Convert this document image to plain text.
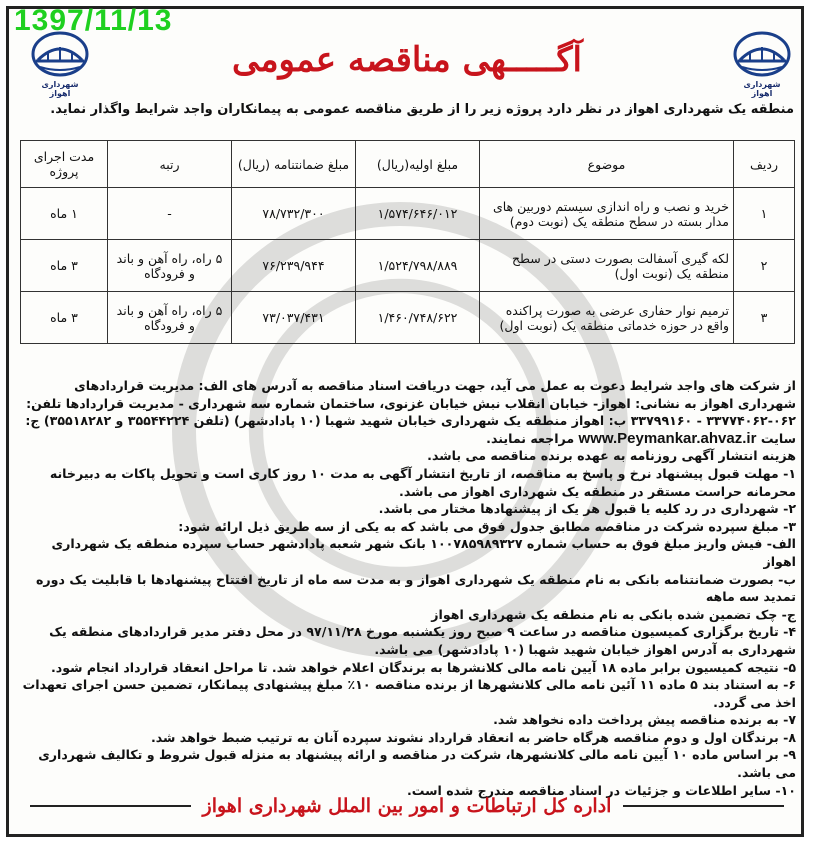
1397/11/13
شهرداری اهواز
شهرداری اهواز
آگـــــهی مناقصه عمومی
منطقه یک شهرداری اهواز در نظر دارد پروژه زیر را از طریق مناقصه عمومی به پیمانکاران واجد شرایط واگذار نماید.
ردیف	موضوع	مبلغ اولیه(ریال)	مبلغ ضمانتنامه (ریال)	رتبه	مدت اجرای پروژه
۱	خرید و نصب و راه اندازی سیستم دوربین های مدار بسته در سطح منطقه یک (نوبت دوم)	۱/۵۷۴/۶۴۶/۰۱۲	۷۸/۷۳۲/۳۰۰	-	۱ ماه
۲	لکه گیری آسفالت بصورت دستی در سطح منطقه یک (نوبت اول)	۱/۵۲۴/۷۹۸/۸۸۹	۷۶/۲۳۹/۹۴۴	۵ راه، راه آهن و باند و فرودگاه	۳ ماه
۳	ترمیم نوار حفاری عرضی به صورت پراکنده واقع در حوزه خدماتی منطقه یک (نوبت اول)	۱/۴۶۰/۷۴۸/۶۲۲	۷۳/۰۳۷/۴۳۱	۵ راه، راه آهن و باند و فرودگاه	۳ ماه

از شرکت های واجد شرایط دعوت به عمل می آید، جهت دریافت اسناد مناقصه به آدرس های الف: مدیریت قراردادهای شهرداری اهواز به نشانی: اهواز- خیابان انقلاب نبش خیابان غزنوی، ساختمان شماره سه شهرداری - مدیریت قراردادها تلفن: ۰۶۲-۳۳۷۷۴۰۶۲ - ۳۳۷۹۹۱۶۰ ب: اهواز منطقه یک شهرداری خیابان شهید شهبا (۱۰ پادادشهر) (تلفن ۳۵۵۴۴۲۲۴ و ۳۵۵۱۸۲۸۲) ج: سایت www.Peymankar.ahvaz.ir مراجعه نمایند.

هزینه انتشار آگهی روزنامه به عهده برنده مناقصه می باشد.

۱- مهلت قبول پیشنهاد نرخ و پاسخ به مناقصه، از تاریخ انتشار آگهی به مدت ۱۰ روز کاری است و تحویل پاکات به دبیرخانه محرمانه حراست مستقر در منطقه یک شهرداری اهواز می باشد.

۲- شهرداری در رد کلیه یا قبول هر یک از پیشنهادها مختار می باشد.

۳- مبلغ سپرده شرکت در مناقصه مطابق جدول فوق می باشد که به یکی از سه طریق ذیل ارائه شود:

الف- فیش واریز مبلغ فوق به حساب شماره ۱۰۰۷۸۵۹۸۹۳۲۷ بانک شهر شعبه پادادشهر حساب سپرده منطقه یک شهرداری اهواز

ب- بصورت ضمانتنامه بانکی به نام منطقه یک شهرداری اهواز و به مدت سه ماه از تاریخ افتتاح پیشنهادها با قابلیت یک دوره تمدید سه ماهه

ج- چک تضمین شده بانکی به نام منطقه یک شهرداری اهواز

۴- تاریخ برگزاری کمیسیون مناقصه در ساعت ۹ صبح روز یکشنبه مورخ ۹۷/۱۱/۲۸ در محل دفتر مدیر قراردادهای منطقه یک شهرداری به آدرس اهواز خیابان شهید شهبا (۱۰ پادادشهر) می باشد.

۵- نتیجه کمیسیون برابر ماده ۱۸ آیین نامه مالی کلانشرها به برندگان اعلام خواهد شد. تا مراحل انعقاد قرارداد انجام شود.

۶- به استناد بند ۵ ماده ۱۱ آئین نامه مالی کلانشهرها از برنده مناقصه ۱۰٪ مبلغ پیشنهادی پیمانکار، تضمین حسن اجرای تعهدات اخذ می گردد.

۷- به برنده مناقصه پیش پرداخت داده نخواهد شد.

۸- برندگان اول و دوم مناقصه هرگاه حاضر به انعقاد قرارداد نشوند سپرده آنان به ترتیب ضبط خواهد شد.

۹- بر اساس ماده ۱۰ آیین نامه مالی کلانشهرها، شرکت در مناقصه و ارائه پیشنهاد به منزله قبول شروط و تکالیف شهرداری می باشد.

۱۰- سایر اطلاعات و جزئیات در اسناد مناقصه مندرج شده است.

اداره کل ارتباطات و امور بین الملل شهرداری اهواز
